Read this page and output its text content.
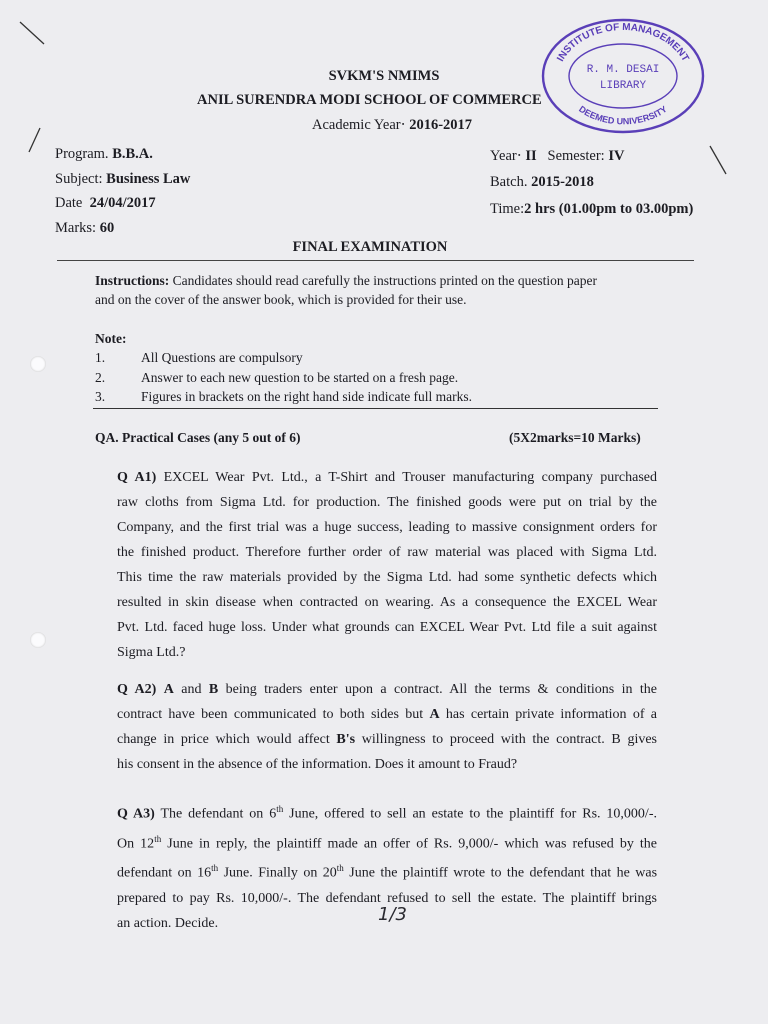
INSTITUTE OF MANAGEMENT
DEEMED UNIVERSITY
R. M. DESAI
LIBRARY
SVKM'S NMIMS
ANIL SURENDRA MODI SCHOOL OF COMMERCE
Academic Year⋅ 2016-2017
Program. B.B.A.	Year⋅ II Semester: IV
Subject: Business Law	Batch. 2015-2018
Date 24/04/2017	Time:2 hrs (01.00pm to 03.00pm)
Marks: 60
FINAL EXAMINATION
Instructions: Candidates should read carefully the instructions printed on the question paper
and on the cover of the answer book, which is provided for their use.
Note:
1.	All Questions are compulsory
2.	Answer to each new question to be started on a fresh page.
3.	Figures in brackets on the right hand side indicate full marks.
QA. Practical Cases (any 5 out of 6)	(5X2marks=10 Marks)
Q A1) EXCEL Wear Pvt. Ltd., a T-Shirt and Trouser manufacturing company purchased
raw cloths from Sigma Ltd. for production. The finished goods were put on trial by the
Company, and the first trial was a huge success, leading to massive consignment orders for
the finished product. Therefore further order of raw material was placed with Sigma Ltd.
This time the raw materials provided by the Sigma Ltd. had some synthetic defects which
resulted in skin disease when contracted on wearing. As a consequence the EXCEL Wear
Pvt. Ltd. faced huge loss. Under what grounds can EXCEL Wear Pvt. Ltd file a suit against
Sigma Ltd.?
Q A2) A and B being traders enter upon a contract. All the terms & conditions in the
contract have been communicated to both sides but A has certain private information of a
change in price which would affect B's willingness to proceed with the contract. B gives
his consent in the absence of the information. Does it amount to Fraud?
Q A3) The defendant on 6th June, offered to sell an estate to the plaintiff for Rs. 10,000/-.
On 12th June in reply, the plaintiff made an offer of Rs. 9,000/- which was refused by the
defendant on 16th June. Finally on 20th June the plaintiff wrote to the defendant that he was
prepared to pay Rs. 10,000/-. The defendant refused to sell the estate. The plaintiff brings
an action. Decide.	1/3
